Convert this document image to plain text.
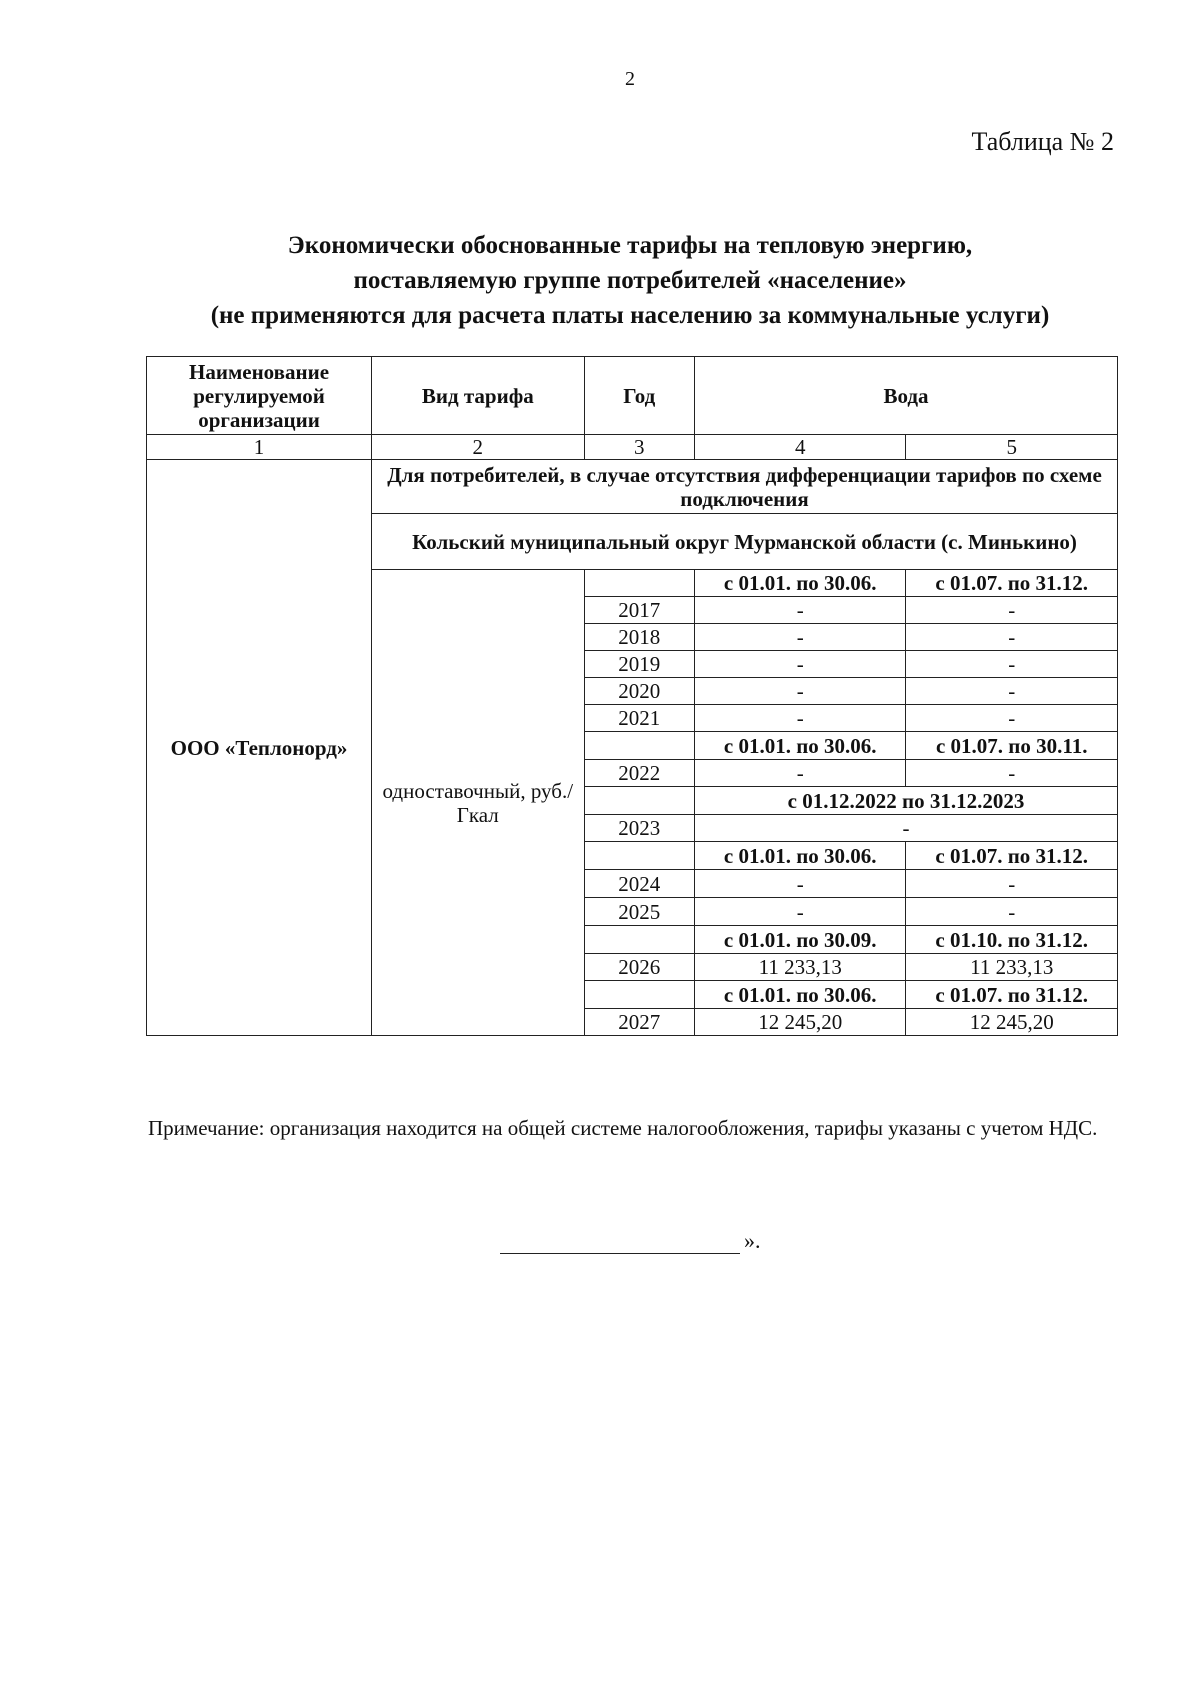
2
Таблица № 2
Экономически обоснованные тарифы на тепловую энергию,
поставляемую группе потребителей «население»
(не применяются для расчета платы населению за коммунальные услуги)
Наименование регулируемой организации	Вид тарифа	Год	Вода	
1	2	3	4	5
ООО «Теплонорд»	Для потребителей, в случае отсутствия дифференциации тарифов по схеме подключения			
	Кольский муниципальный округ Мурманской области (с. Минькино)			
	одноставочный, руб./Гкал		с 01.01. по 30.06.	с 01.07. по 31.12.
		2017	-	-
		2018	-	-
		2019	-	-
		2020	-	-
		2021	-	-
			с 01.01. по 30.06.	с 01.07. по 30.11.
		2022	-	-
			с 01.12.2022 по 31.12.2023	
		2023	-	
			с 01.01. по 30.06.	с 01.07. по 31.12.
		2024	-	-
		2025	-	-
			с 01.01. по 30.09.	с 01.10. по 31.12.
		2026	11 233,13	11 233,13
			с 01.01. по 30.06.	с 01.07. по 31.12.
		2027	12 245,20	12 245,20
Примечание: организация находится на общей системе налогообложения, тарифы указаны с учетом НДС.
».
